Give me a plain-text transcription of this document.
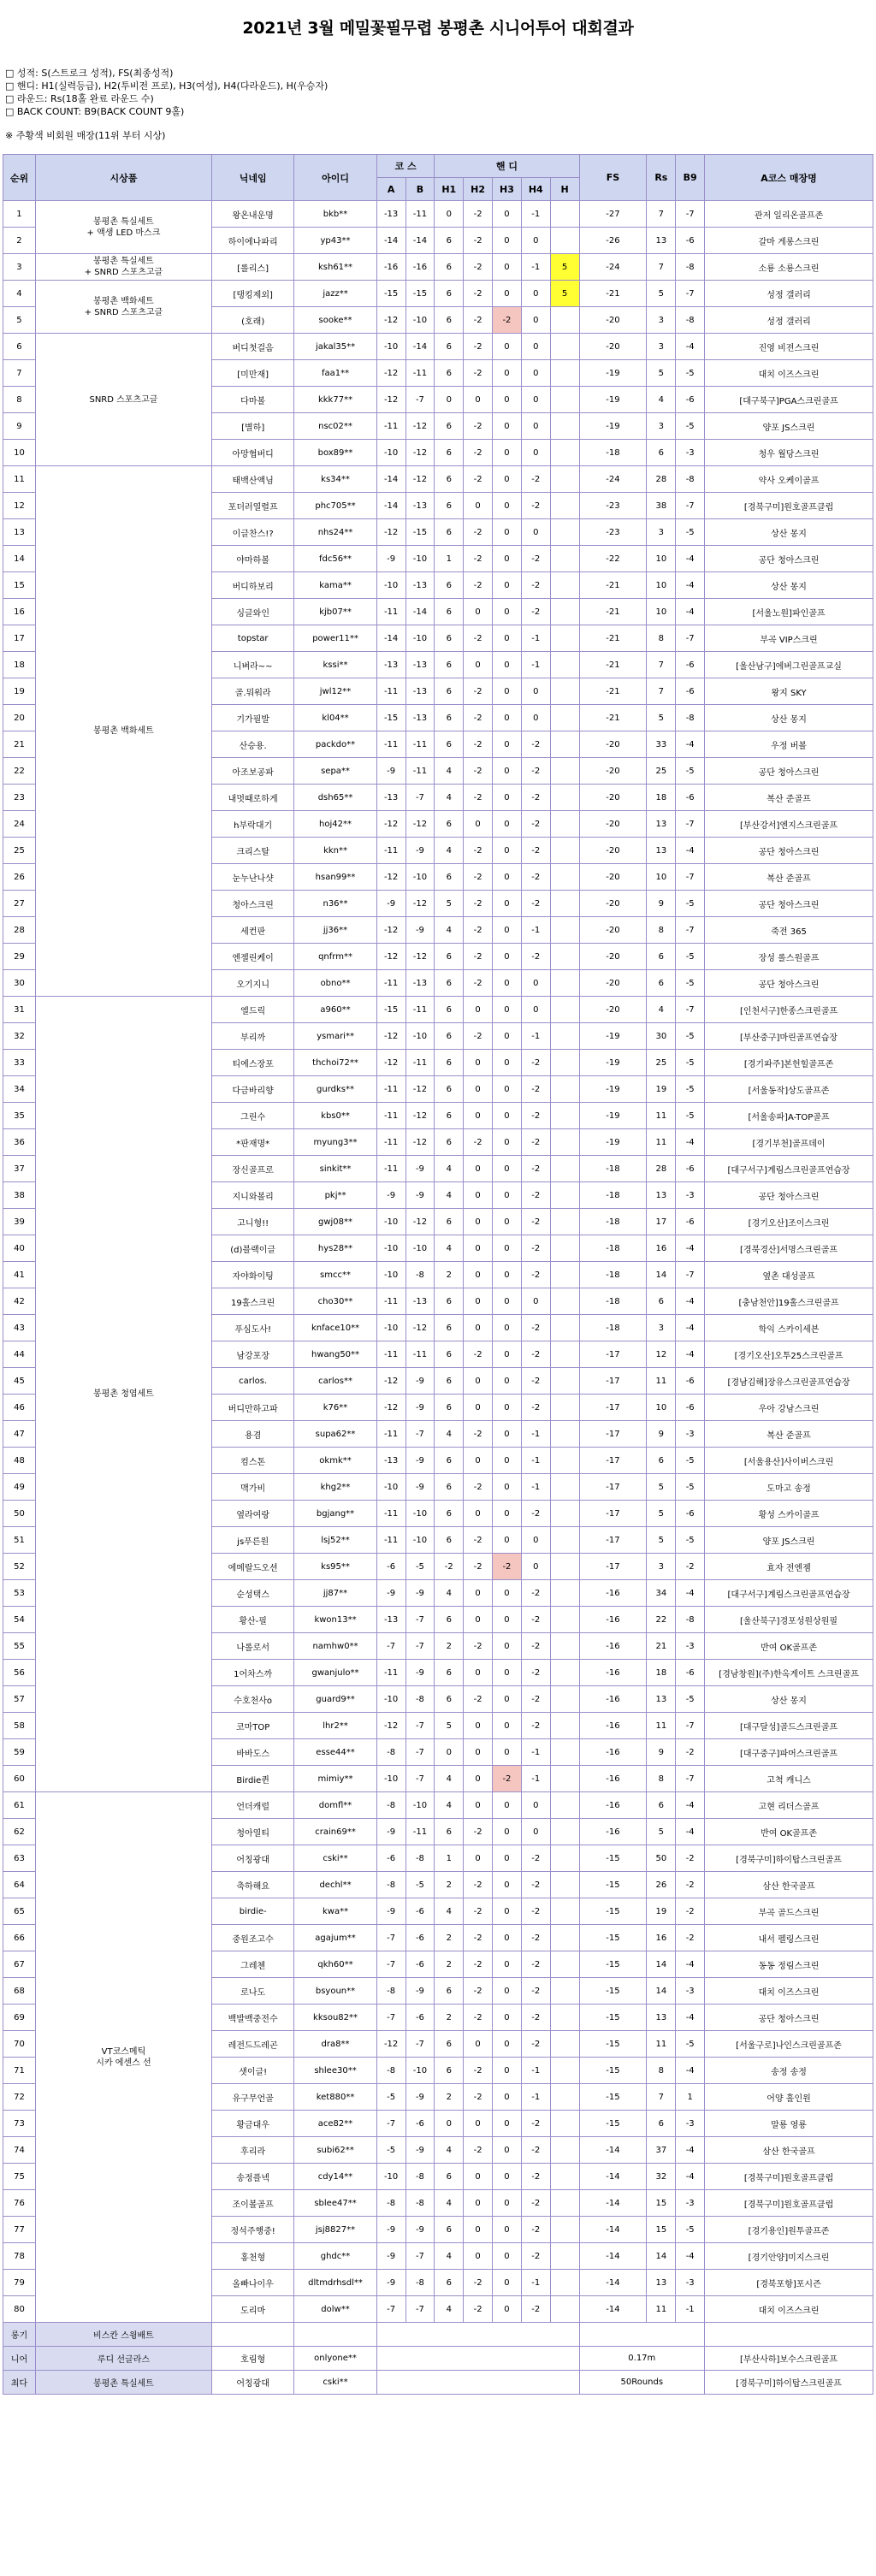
2021년 3월 메밀꽃필무렵 봉평촌 시니어투어 대회결과
□ 성적: S(스트로크 성적), FS(최종성적)
□ 핸디: H1(실력등급), H2(투비전 프로), H3(여성), H4(다라운드), H(우승자)
□ 라운드: Rs(18홀 완료 라운드 수)
□ BACK COUNT: B9(BACK COUNT 9홀)
※ 주황색 비회원 매장(11위 부터 시상)
순위	시상품	닉네임	아이디	코 스		핸 디					FS	Rs	B9	A코스 매장명
				A	B	H1	H2	H3	H4	H				
1	봉평촌 특실세트
+ 액생 LED 마스크	왕온내운명	bkb**	-13	-11	0	-2	0	-1		-27	7	-7	관저 일리온골프존
2		하이에나파리	yp43**	-14	-14	6	-2	0	0		-26	13	-6	갈마 게롱스크린
3	봉평촌 특실세트
+ SNRD 스포츠고글	[롤리스]	ksh61**	-16	-16	6	-2	0	-1	5	-24	7	-8	소룡 소룡스크린
4	봉평촌 백화세트
+ SNRD 스포츠고글	[탱킹제외]	jazz**	-15	-15	6	-2	0	0	5	-21	5	-7	성정 갤러리
5		(호래)	sooke**	-12	-10	6	-2	-2	0		-20	3	-8	성정 갤러리
6	SNRD 스포츠고글	버디첫걸음	jakal35**	-10	-14	6	-2	0	0		-20	3	-4	진영 비젼스크린
7		[미만재]	faa1**	-12	-11	6	-2	0	0		-19	5	-5	대치 이즈스크린
8		다마볼	kkk77**	-12	-7	0	0	0	0		-19	4	-6	[대구북구]PGA스크린골프
9		[별하]	nsc02**	-11	-12	6	-2	0	0		-19	3	-5	양포 JS스크린
10		아망협버디	box89**	-10	-12	6	-2	0	0		-18	6	-3	청우 월당스크린
11	봉평촌 백화세트	태백산액님	ks34**	-14	-12	6	-2	0	-2		-24	28	-8	약사 오케이골프
12		포더러열렬프	phc705**	-14	-13	6	0	0	-2		-23	38	-7	[경북구미]원호골프클럽
13		이글찬스!?	nhs24**	-12	-15	6	-2	0	0		-23	3	-5	상산 몽지
14		야마하볼	fdc56**	-9	-10	1	-2	0	-2		-22	10	-4	공단 청아스크린
15		버디하보리	kama**	-10	-13	6	-2	0	-2		-21	10	-4	상산 몽지
16		싱글와인	kjb07**	-11	-14	6	0	0	-2		-21	10	-4	[서울노원]파인골프
17		topstar	power11**	-14	-10	6	-2	0	-1		-21	8	-7	부곡 VIP스크린
18		니벼라~~	kssi**	-13	-13	6	0	0	-1		-21	7	-6	[울산남구]에버그린골프교실
19		골.뭐워라	jwl12**	-11	-13	6	-2	0	0		-21	7	-6	왕지 SKY
20		기가필발	kl04**	-15	-13	6	-2	0	0		-21	5	-8	상산 몽지
21		산승용.	packdo**	-11	-11	6	-2	0	-2		-20	33	-4	우정 버볼
22		아조보공파	sepa**	-9	-11	4	-2	0	-2		-20	25	-5	공단 청아스크린
23		내멋때로하게	dsh65**	-13	-7	4	-2	0	-2		-20	18	-6	복산 준골프
24		h부락대기	hoj42**	-12	-12	6	0	0	-2		-20	13	-7	[부산강서]엔지스크린골프
25		크리스탈	kkn**	-11	-9	4	-2	0	-2		-20	13	-4	공단 청아스크린
26		눈누난나샷	hsan99**	-12	-10	6	-2	0	-2		-20	10	-7	복산 준골프
27		청아스크린	n36**	-9	-12	5	-2	0	-2		-20	9	-5	공단 청아스크린
28		세컨판	jj36**	-12	-9	4	-2	0	-1		-20	8	-7	죽전 365
29		엔젤린케이	qnfrm**	-12	-12	6	-2	0	-2		-20	6	-5	장성 롤스원골프
30		오기지니	obno**	-11	-13	6	-2	0	0		-20	6	-5	공단 청아스크린
31	봉평촌 청엽세트	엘드릭	a960**	-15	-11	6	0	0	0		-20	4	-7	[인천서구]한종스크린골프
32		부리까	ysmari**	-12	-10	6	-2	0	-1		-19	30	-5	[부산중구]마린골프연습장
33		티에스장포	thchoi72**	-12	-11	6	0	0	-2		-19	25	-5	[경기파주]본헌힐골프존
34		다금바리향	gurdks**	-11	-12	6	0	0	-2		-19	19	-5	[서울동작]상도골프존
35		그린수	kbs0**	-11	-12	6	0	0	-2		-19	11	-5	[서울송파]A-TOP골프
36		*판재명*	myung3**	-11	-12	6	-2	0	-2		-19	11	-4	[경기부천]골프데이
37		장신골프로	sinkit**	-11	-9	4	0	0	-2		-18	28	-6	[대구서구]계림스크린골프연습장
38		지니와볼리	pkj**	-9	-9	4	0	0	-2		-18	13	-3	공단 청아스크린
39		고니형!!	gwj08**	-10	-12	6	0	0	-2		-18	17	-6	[경기오산]조이스크린
40		(d)블랙이글	hys28**	-10	-10	4	0	0	-2		-18	16	-4	[경북경산]서명스크린골프
41		자야화이팅	smcc**	-10	-8	2	0	0	-2		-18	14	-7	옆촌 대성골프
42		19홀스크린	cho30**	-11	-13	6	0	0	0		-18	6	-4	[충남천안]19홀스크린골프
43		푸심도사!	knface10**	-10	-12	6	0	0	-2		-18	3	-4	학익 스카이세븐
44		남강포장	hwang50**	-11	-11	6	-2	0	-2		-17	12	-4	[경기오산]오투25스크린골프
45		carlos.	carlos**	-12	-9	6	0	0	-2		-17	11	-6	[경남김해]장유스크린골프연습장
46		버디만하고파	k76**	-12	-9	6	0	0	-2		-17	10	-6	우아 강남스크린
47		용겸	supa62**	-11	-7	4	-2	0	-1		-17	9	-3	복산 준골프
48		컴스톤	okmk**	-13	-9	6	0	0	-1		-17	6	-5	[서울용산]사이버스크린
49		맥가비	khg2**	-10	-9	6	-2	0	-1		-17	5	-5	도마고 송정
50		옆라여랑	bgjang**	-11	-10	6	0	0	-2		-17	5	-6	황성 스카이골프
51		js푸른원	lsj52**	-11	-10	6	-2	0	0		-17	5	-5	양포 JS스크린
52		에메랄드오션	ks95**	-6	-5	-2	-2	-2	0		-17	3	-2	효자 전엔젬
53		순성택스	jj87**	-9	-9	4	0	0	-2		-16	34	-4	[대구서구]계림스크린골프연습장
54		황산-필	kwon13**	-13	-7	6	0	0	-2		-16	22	-8	[울산북구]경포성원상원필
55		나롤로서	namhw0**	-7	-7	2	-2	0	-2		-16	21	-3	반여 OK골프존
56		1어차스까	gwanjulo**	-11	-9	6	0	0	-2		-16	18	-6	[경남창원](주)한옥게이트 스크린골프
57		수호천사o	guard9**	-10	-8	6	-2	0	-2		-16	13	-5	상산 몽지
58		코마TOP	lhr2**	-12	-7	5	0	0	-2		-16	11	-7	[대구달성]골드스크린골프
59		바바도스	esse44**	-8	-7	0	0	0	-1		-16	9	-2	[대구중구]파머스크린골프
60		Birdie퀸	mimiy**	-10	-7	4	0	-2	-1		-16	8	-7	고척 캐니스
61	VT코스메틱
시카 에센스 선	언더캐럴	domfl**	-8	-10	4	0	0	0		-16	6	-4	고현 리더스골프
62		청아열티	crain69**	-9	-11	6	-2	0	0		-16	5	-4	반여 OK골프존
63		어칭광대	cski**	-6	-8	1	0	0	-2		-15	50	-2	[경북구미]하이탑스크린골프
64		축하해요	dechl**	-8	-5	2	-2	0	-2		-15	26	-2	삼산 한국골프
65		birdie-	kwa**	-9	-6	4	-2	0	-2		-15	19	-2	부곡 골드스크린
66		중원조고수	agajum**	-7	-6	2	-2	0	-2		-15	16	-2	내서 펠링스크린
67		그레첸	qkh60**	-7	-6	2	-2	0	-2		-15	14	-4	동동 정림스크린
68		로나도	bsyoun**	-8	-9	6	-2	0	-2		-15	14	-3	대치 이즈스크린
69		백발백중전수	kksou82**	-7	-6	2	-2	0	-2		-15	13	-4	공단 청아스크린
70		레전드드레곤	dra8**	-12	-7	6	0	0	-2		-15	11	-5	[서울구로]나인스크린골프존
71		샛이글!	shlee30**	-8	-10	6	-2	0	-1		-15	8	-4	송정 송정
72		유구무언골	ket880**	-5	-9	2	-2	0	-1		-15	7	1	어양 홀인원
73		황금대우	ace82**	-7	-6	0	0	0	-2		-15	6	-3	말룡 영룡
74		후리라	subi62**	-5	-9	4	-2	0	-2		-14	37	-4	삼산 한국골프
75		송정플넥	cdy14**	-10	-8	6	0	0	-2		-14	32	-4	[경북구미]원호골프클럽
76		조이볼골프	sblee47**	-8	-8	4	0	0	-2		-14	15	-3	[경북구미]원호골프클럽
77		정석주행중!	jsj8827**	-9	-9	6	0	0	-2		-14	15	-5	[경기용인]원투골프존
78		홍천형	ghdc**	-9	-7	4	0	0	-2		-14	14	-4	[경기안양]미지스크린
79		올빠나이우	dltmdrhsdl**	-9	-8	6	-2	0	-1		-14	13	-3	[경북포항]포시즌
80		도리마	dolw**	-7	-7	4	-2	0	-2		-14	11	-1	대치 이즈스크린
롱기	비스칸 스윙배트													
니어	루디 선글라스	호림형	onlyone**								0.17m			[부산사하]보수스크린골프
최다	봉평촌 특실세트	어칭광대	cski**								50Rounds			[경북구미]하이탑스크린골프
